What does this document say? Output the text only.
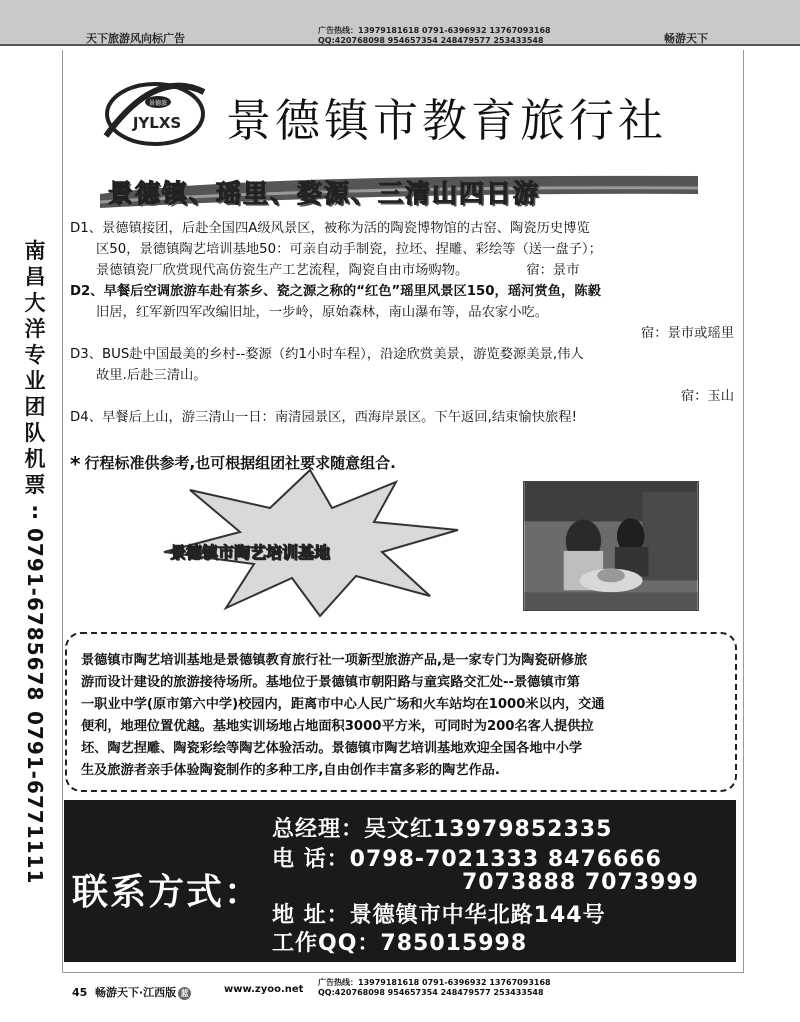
天下旅游风向标广告
广告热线：13979181618 0791-6396932 13767093168
QQ:420768098 954657354 248479577 253433548	畅游天下
景德旅
JYLXS 景德镇市教育旅行社
景德镇、瑶里、婺源、三清山四日游

D1、景德镇接团，后赴全国四A级风景区，被称为活的陶瓷博物馆的古窑、陶瓷历史博览

区50，景德镇陶艺培训基地50：可亲自动手制瓷，拉坯、捏雕、彩绘等（送一盘子）；

景德镇瓷厂欣赏现代高仿瓷生产工艺流程，陶瓷自由市场购物。	宿：景市

D2、早餐后空调旅游车赴有茶乡、瓷之源之称的“红色”瑶里风景区150，瑶河赏鱼，陈毅

旧居，红军新四军改编旧址，一步岭，原始森林，南山瀑布等，品农家小吃。

宿：景市或瑶里

D3、BUS赴中国最美的乡村--婺源（约1小时车程），沿途欣赏美景，游览婺源美景,伟人

故里.后赴三清山。

宿：玉山

D4、早餐后上山，游三清山一日：南清园景区，西海岸景区。下午返回,结束愉快旅程!

* 行程标准供参考,也可根据组团社要求随意组合.
景德镇市陶艺培训基地

景德镇市陶艺培训基地是景德镇教育旅行社一项新型旅游产品,是一家专门为陶瓷研修旅

游而设计建设的旅游接待场所。基地位于景德镇市朝阳路与童宾路交汇处--景德镇市第

一职业中学(原市第六中学)校园内，距离市中心人民广场和火车站均在1000米以内，交通

便利，地理位置优越。基地实训场地占地面积3000平方米，可同时为200名客人提供拉

坯、陶艺捏雕、陶瓷彩绘等陶艺体验活动。景德镇市陶艺培训基地欢迎全国各地中小学

生及旅游者亲手体验陶瓷制作的多种工序,自由创作丰富多彩的陶艺作品.

联系方式：
总经理：吴文红13979852335
电 话：0798-7021333 8476666
7073888 7073999
地 址：景德镇市中华北路144号
工作QQ：785015998
南
昌
大
洋
专
业
团
队
机
票
:
0791-6785678
0791-6771111
45 畅游天下·江西版 蓝	www.zyoo.net
广告热线：13979181618 0791-6396932 13767093168
QQ:420768098 954657354 248479577 253433548
